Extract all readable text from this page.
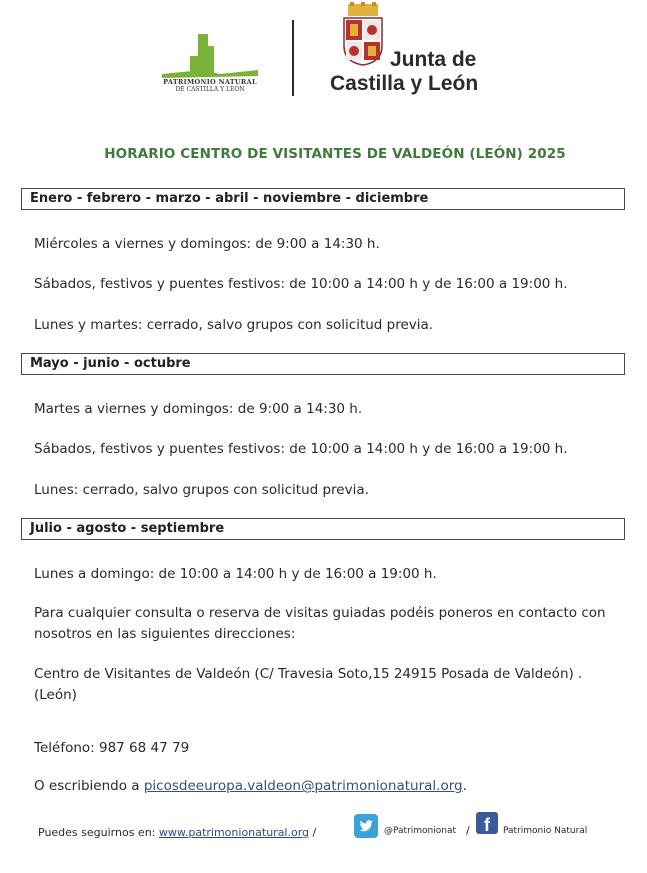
PATRIMONIO NATURAL
DE CASTILLA Y LEÓN
Junta de
Castilla y León
HORARIO CENTRO DE VISITANTES DE VALDEÓN (LEÓN) 2025
Enero - febrero - marzo - abril - noviembre - diciembre
Miércoles a viernes y domingos: de 9:00 a 14:30 h.
Sábados, festivos y puentes festivos: de 10:00 a 14:00 h y de 16:00 a 19:00 h.
Lunes y martes: cerrado, salvo grupos con solicitud previa.
Mayo - junio - octubre
Martes a viernes y domingos: de 9:00 a 14:30 h.
Sábados, festivos y puentes festivos: de 10:00 a 14:00 h y de 16:00 a 19:00 h.
Lunes: cerrado, salvo grupos con solicitud previa.
Julio - agosto - septiembre
Lunes a domingo: de 10:00 a 14:00 h y de 16:00 a 19:00 h.
Para cualquier consulta o reserva de visitas guiadas podéis poneros en contacto con nosotros en las siguientes direcciones:
Centro de Visitantes de Valdeón (C/ Travesia Soto,15 24915 Posada de Valdeón) .(León)
Teléfono: 987 68 47 79
O escribiendo a picosdeeuropa.valdeon@patrimonionatural.org.
Puedes seguirnos en: www.patrimonionatural.org /	@Patrimonionat / f	Patrimonio Natural
